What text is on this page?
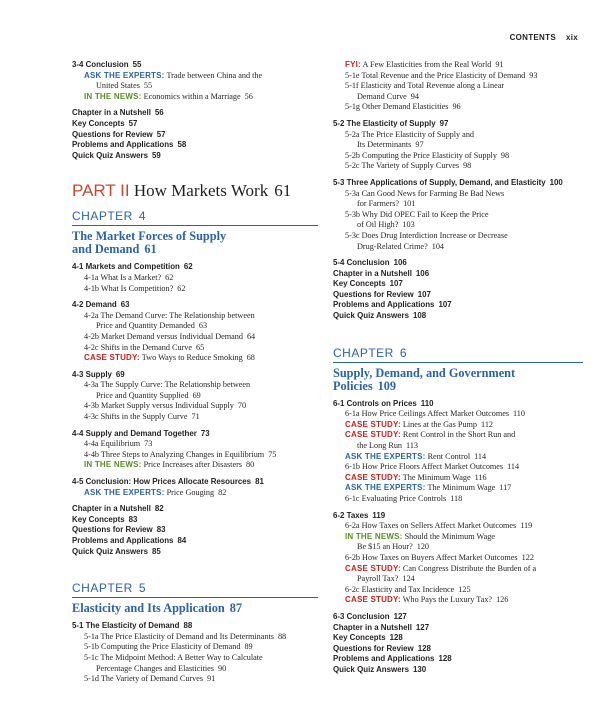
CONTENTS xix
3-4 Conclusion 55
ASK THE EXPERTS: Trade between China and the
United States 55
IN THE NEWS: Economics within a Marriage 56
Chapter in a Nutshell 56
Key Concepts 57
Questions for Review 57
Problems and Applications 58
Quick Quiz Answers 59
PART II How Markets Work 61
CHAPTER 4
The Market Forces of Supply
and Demand 61
4-1 Markets and Competition 62
4-1a What Is a Market? 62
4-1b What Is Competition? 62
4-2 Demand 63
4-2a The Demand Curve: The Relationship between
Price and Quantity Demanded 63
4-2b Market Demand versus Individual Demand 64
4-2c Shifts in the Demand Curve 65
CASE STUDY: Two Ways to Reduce Smoking 68
4-3 Supply 69
4-3a The Supply Curve: The Relationship between
Price and Quantity Supplied 69
4-3b Market Supply versus Individual Supply 70
4-3c Shifts in the Supply Curve 71
4-4 Supply and Demand Together 73
4-4a Equilibrium 73
4-4b Three Steps to Analyzing Changes in Equilibrium 75
IN THE NEWS: Price Increases after Disasters 80
4-5 Conclusion: How Prices Allocate Resources 81
ASK THE EXPERTS: Price Gouging 82
Chapter in a Nutshell 82
Key Concepts 83
Questions for Review 83
Problems and Applications 84
Quick Quiz Answers 85
CHAPTER 5
Elasticity and Its Application 87
5-1 The Elasticity of Demand 88
5-1a The Price Elasticity of Demand and Its Determinants 88
5-1b Computing the Price Elasticity of Demand 89
5-1c The Midpoint Method: A Better Way to Calculate
Percentage Changes and Elasticities 90
5-1d The Variety of Demand Curves 91
FYI: A Few Elasticities from the Real World 91
5-1e Total Revenue and the Price Elasticity of Demand 93
5-1f Elasticity and Total Revenue along a Linear
Demand Curve 94
5-1g Other Demand Elasticities 96
5-2 The Elasticity of Supply 97
5-2a The Price Elasticity of Supply and
Its Determinants 97
5-2b Computing the Price Elasticity of Supply 98
5-2c The Variety of Supply Curves 98
5-3 Three Applications of Supply, Demand, and Elasticity 100
5-3a Can Good News for Farming Be Bad News
for Farmers? 101
5-3b Why Did OPEC Fail to Keep the Price
of Oil High? 103
5-3c Does Drug Interdiction Increase or Decrease
Drug-Related Crime? 104
5-4 Conclusion 106
Chapter in a Nutshell 106
Key Concepts 107
Questions for Review 107
Problems and Applications 107
Quick Quiz Answers 108
CHAPTER 6
Supply, Demand, and Government
Policies 109
6-1 Controls on Prices 110
6-1a How Price Ceilings Affect Market Outcomes 110
CASE STUDY: Lines at the Gas Pump 112
CASE STUDY: Rent Control in the Short Run and
the Long Run 113
ASK THE EXPERTS: Rent Control 114
6-1b How Price Floors Affect Market Outcomes 114
CASE STUDY: The Minimum Wage 116
ASK THE EXPERTS: The Minimum Wage 117
6-1c Evaluating Price Controls 118
6-2 Taxes 119
6-2a How Taxes on Sellers Affect Market Outcomes 119
IN THE NEWS: Should the Minimum Wage
Be $15 an Hour? 120
6-2b How Taxes on Buyers Affect Market Outcomes 122
CASE STUDY: Can Congress Distribute the Burden of a
Payroll Tax? 124
6-2c Elasticity and Tax Incidence 125
CASE STUDY: Who Pays the Luxury Tax? 126
6-3 Conclusion 127
Chapter in a Nutshell 127
Key Concepts 128
Questions for Review 128
Problems and Applications 128
Quick Quiz Answers 130
